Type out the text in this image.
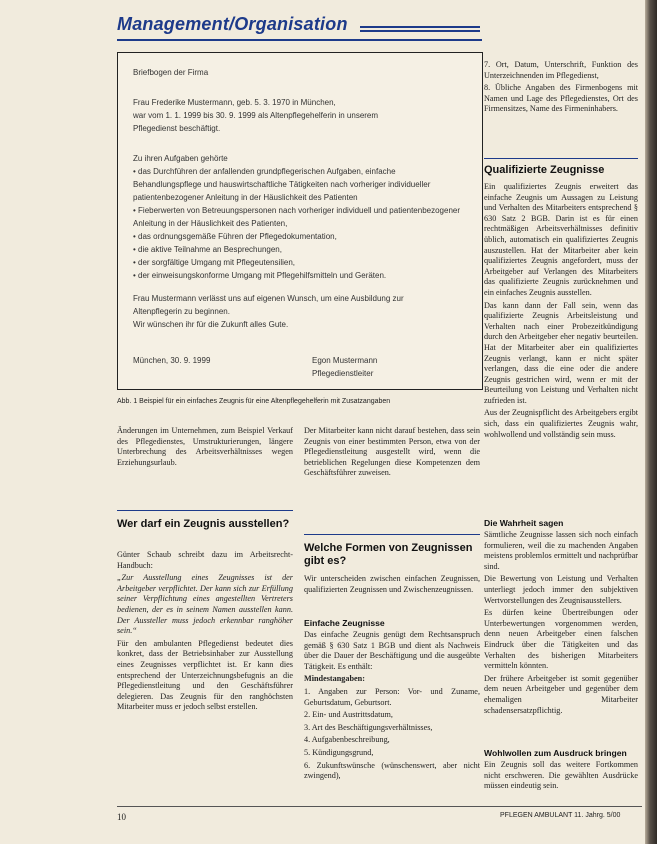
Management/Organisation
Briefbogen der Firma
Frau Frederike Mustermann, geb. 5. 3. 1970 in München,
war vom 1. 1. 1999 bis 30. 9. 1999 als Altenpflegehelferin in unserem
Pflegedienst beschäftigt.
Zu ihren Aufgaben gehörte
• das Durchführen der anfallenden grundpflegerischen Aufgaben, einfache
Behandlungspflege und hauswirtschaftliche Tätigkeiten nach vorheriger individueller
patientenbezogener Anleitung in der Häuslichkeit des Patienten
• Fieberwerten von Betreuungspersonen nach vorheriger individuell und patientenbezogener
Anleitung in der Häuslichkeit des Patienten,
• das ordnungsgemäße Führen der Pflegedokumentation,
• die aktive Teilnahme an Besprechungen,
• der sorgfältige Umgang mit Pflegeutensilien,
• der einweisungskonforme Umgang mit Pflegehilfsmitteln und Geräten.
Frau Mustermann verlässt uns auf eigenen Wunsch, um eine Ausbildung zur
Altenpflegerin zu beginnen.
Wir wünschen ihr für die Zukunft alles Gute.
München, 30. 9. 1999	Egon Mustermann
Pflegedienstleiter
Abb. 1 Beispiel für ein einfaches Zeugnis für eine Altenpflegehelferin mit Zusatzangaben

Änderungen im Unternehmen, zum Beispiel Verkauf des Pflegedienstes, Umstrukturierungen, längere Unterbrechung des Arbeitsverhältnisses wegen Erziehungsurlaub.

Wer darf ein Zeugnis ausstellen?

Günter Schaub schreibt dazu im Arbeitsrecht-Handbuch:

„Zur Ausstellung eines Zeugnisses ist der Arbeitgeber verpflichtet. Der kann sich zur Erfüllung seiner Verpflichtung eines angestellten Vertreters bedienen, der es in seinem Namen ausstellen kann. Der Aussteller muss jedoch erkennbar ranghöher sein.“

Für den ambulanten Pflegedienst bedeutet dies konkret, dass der Betriebsinhaber zur Ausstellung eines Zeugnisses verpflichtet ist. Er kann dies entsprechend der Unterzeichnungsbefugnis an die Pflegedienstleitung und den Geschäftsführer delegieren. Das Zeugnis für den ranghöchsten Mitarbeiter muss er jedoch selbst erstellen.

Der Mitarbeiter kann nicht darauf bestehen, dass sein Zeugnis von einer bestimmten Person, etwa von der Pflegedienstleitung ausgestellt wird, wenn die betrieblichen Regelungen diese Kompetenzen dem Geschäftsführer zuweisen.

Welche Formen von Zeugnissen gibt es?

Wir unterscheiden zwischen einfachen Zeugnissen, qualifizierten Zeugnissen und Zwischenzeugnissen.

Einfache Zeugnisse

Das einfache Zeugnis genügt dem Rechtsanspruch gemäß § 630 Satz 1 BGB und dient als Nachweis über die Dauer der Beschäftigung und die ausgeübte Tätigkeit. Es enthält:

Mindestangaben:

1. Angaben zur Person: Vor- und Zuname, Geburtsdatum, Geburtsort.

2. Ein- und Austrittsdatum,

3. Art des Beschäftigungsverhältnisses,

4. Aufgabenbeschreibung,

5. Kündigungsgrund,

6. Zukunftswünsche (wünschenswert, aber nicht zwingend),

7. Ort, Datum, Unterschrift, Funktion des Unterzeichnenden im Pflegedienst,

8. Übliche Angaben des Firmenbogens mit Namen und Lage des Pflegedienstes, Ort des Firmensitzes, Name des Firmeninhabers.

Qualifizierte Zeugnisse

Ein qualifiziertes Zeugnis erweitert das einfache Zeugnis um Aussagen zu Leistung und Verhalten des Mitarbeiters entsprechend § 630 Satz 2 BGB. Darin ist es für einen rechtmäßigen Arbeitsverhältnisses definitiv üblich, automatisch ein qualifiziertes Zeugnis auszustellen. Hat der Mitarbeiter aber kein qualifiziertes Zeugnis angefordert, muss der Arbeitgeber auf Verlangen des Mitarbeiters das qualifizierte Zeugnis zurücknehmen und ein einfaches Zeugnis ausstellen.

Das kann dann der Fall sein, wenn das qualifizierte Zeugnis Arbeitsleistung und Verhalten nach einer Probezeitkündigung durch den Arbeitgeber eher negativ beurteilen. Hat der Mitarbeiter aber ein qualifiziertes Zeugnis verlangt, kann er nicht später verlangen, dass die eine oder die andere Zeugnis gestrichen wird, wenn er mit der Beurteilung von Leistung und Verhalten nicht zufrieden ist.

Aus der Zeugnispflicht des Arbeitgebers ergibt sich, dass ein qualifiziertes Zeugnis wahr, wohlwollend und vollständig sein muss.

Die Wahrheit sagen

Sämtliche Zeugnisse lassen sich noch einfach formulieren, weil die zu machenden Angaben meistens problemlos ermittelt und nachprüfbar sind.

Die Bewertung von Leistung und Verhalten unterliegt jedoch immer den subjektiven Wertvorstellungen des Zeugnisausstellers.

Es dürfen keine Übertreibungen oder Unterbewertungen vorgenommen werden, denn neuen Arbeitgeber einen falschen Eindruck über die Tätigkeiten und das Verhalten des bisherigen Mitarbeiters vermitteln könnten.

Der frühere Arbeitgeber ist somit gegenüber dem neuen Arbeitgeber und gegenüber dem ehemaligen Mitarbeiter schadensersatzpflichtig.

Wohlwollen zum Ausdruck bringen

Ein Zeugnis soll das weitere Fortkommen nicht erschweren. Die gewählten Ausdrücke müssen eindeutig sein.

10	PFLEGEN AMBULANT 11. Jahrg. 5/00
